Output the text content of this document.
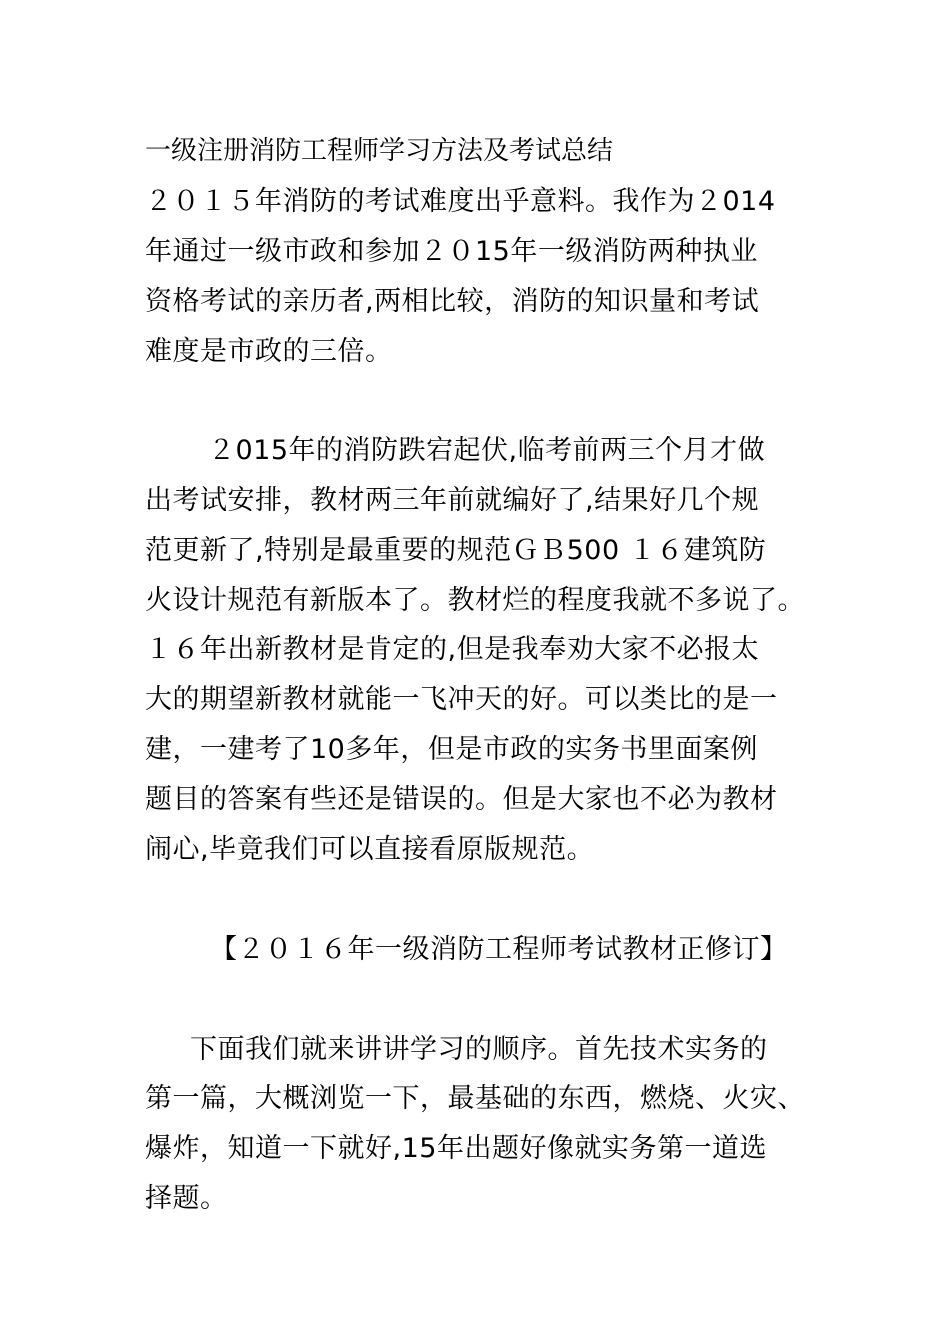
一级注册消防工程师学习方法及考试总结
２０１５年消防的考试难度出乎意料。我作为２014
年通过一级市政和参加２０15年一级消防两种执业
资格考试的亲历者,两相比较，消防的知识量和考试
难度是市政的三倍。
２015年的消防跌宕起伏,临考前两三个月才做
出考试安排，教材两三年前就编好了,结果好几个规
范更新了,特别是最重要的规范ＧＢ500 １６建筑防
火设计规范有新版本了。教材烂的程度我就不多说了。
１６年出新教材是肯定的,但是我奉劝大家不必报太
大的期望新教材就能一飞冲天的好。可以类比的是一
建，一建考了10多年，但是市政的实务书里面案例
题目的答案有些还是错误的。但是大家也不必为教材
闹心,毕竟我们可以直接看原版规范。
【２０１６年一级消防工程师考试教材正修订】
下面我们就来讲讲学习的顺序。首先技术实务的
第一篇，大概浏览一下，最基础的东西，燃烧、火灾、
爆炸，知道一下就好,15年出题好像就实务第一道选
择题。
